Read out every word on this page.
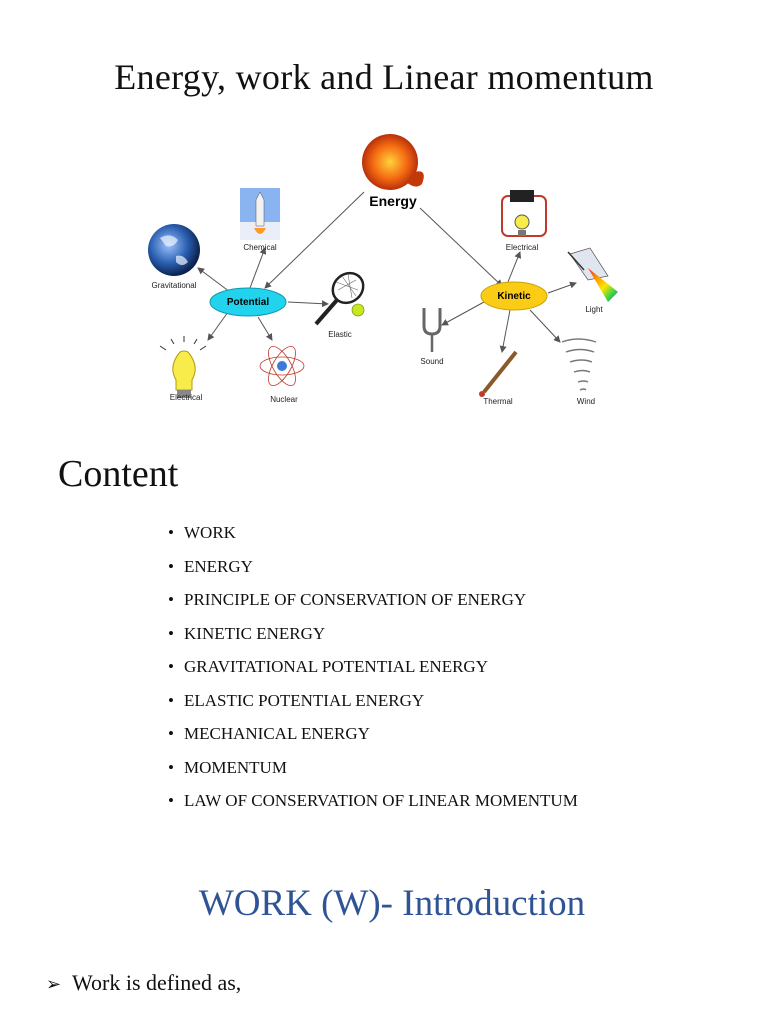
Energy, work and Linear momentum
Energy
Potential
Kinetic
Gravitational
Chemical
Elastic
Electrical	Nuclear
Electrical
Light
Sound
Thermal	Wind
Content
• WORK
• ENERGY
• PRINCIPLE OF CONSERVATION OF ENERGY
• KINETIC ENERGY
• GRAVITATIONAL POTENTIAL ENERGY
• ELASTIC POTENTIAL ENERGY
• MECHANICAL ENERGY
• MOMENTUM
• LAW OF CONSERVATION OF LINEAR MOMENTUM
WORK (W)- Introduction
➢ Work is defined as,
